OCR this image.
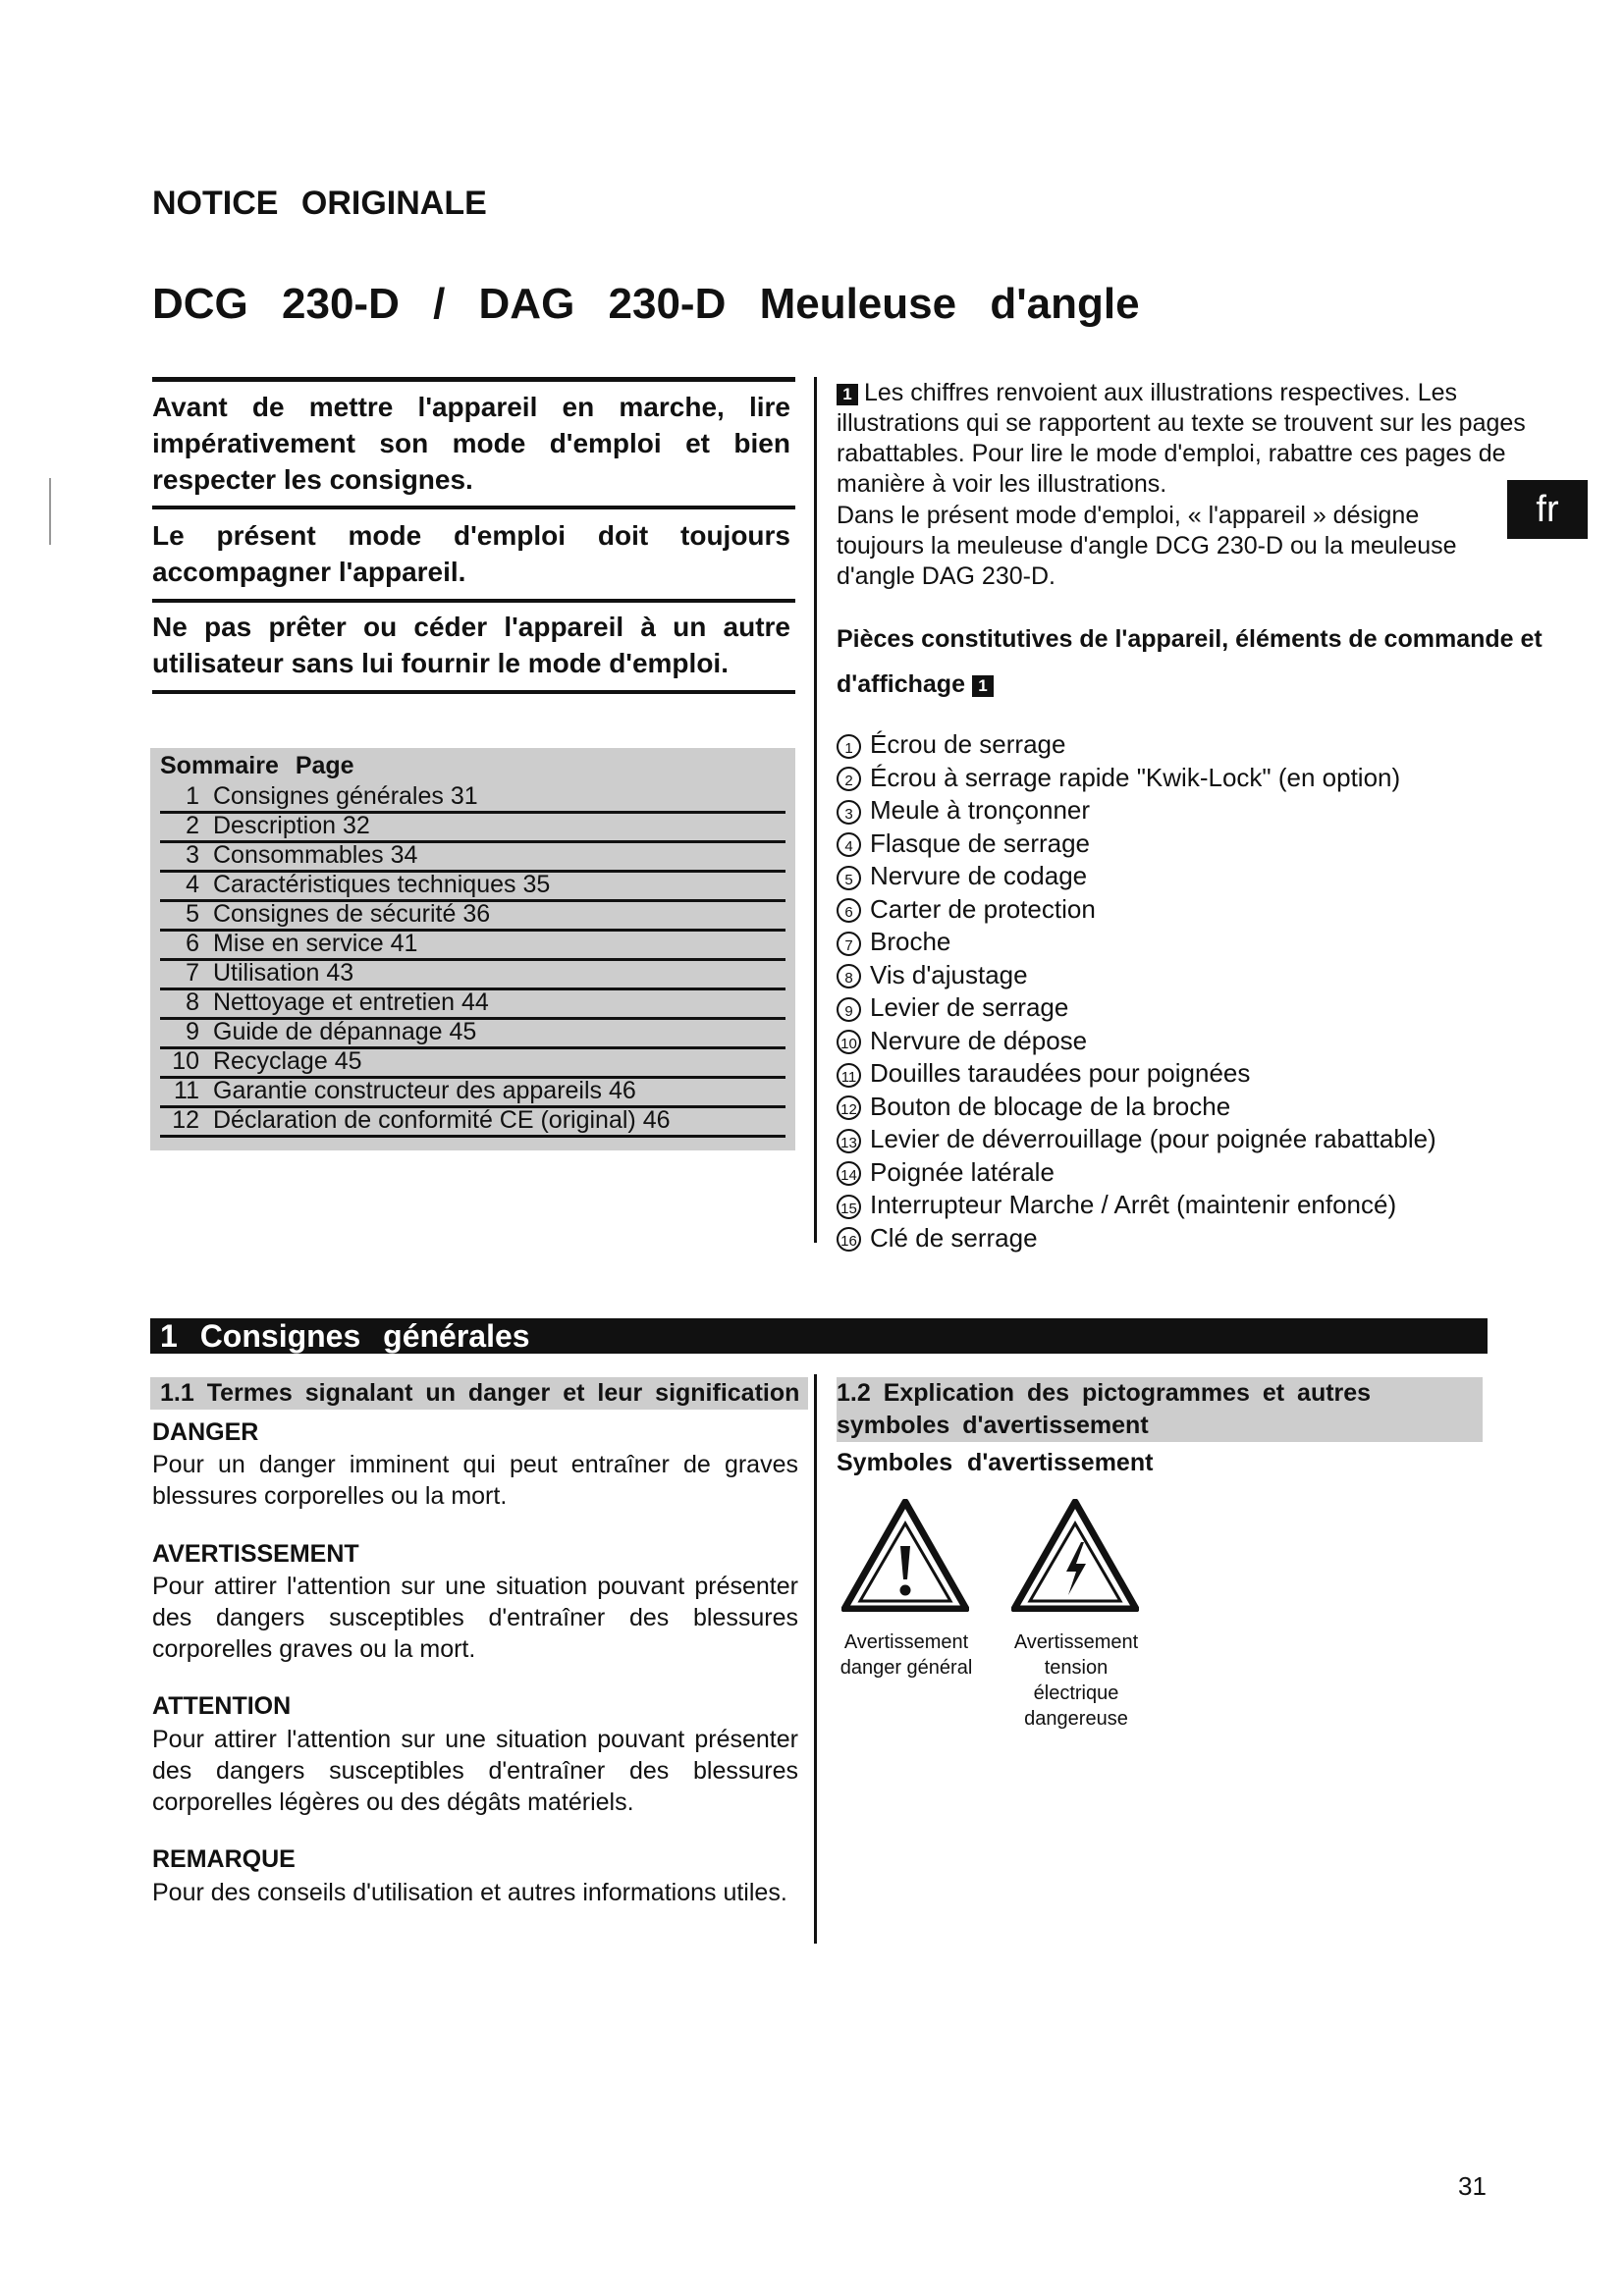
NOTICE ORIGINALE
DCG 230-D / DAG 230-D Meuleuse d'angle
Avant de mettre l'appareil en marche, lire impérativement son mode d'emploi et bien respecter les consignes.
Le présent mode d'emploi doit toujours accompagner l'appareil.
Ne pas prêter ou céder l'appareil à un autre utilisateur sans lui fournir le mode d'emploi.
Sommaire Page
1 Consignes générales 31
2 Description 32
3 Consommables 34
4 Caractéristiques techniques 35
5 Consignes de sécurité 36
6 Mise en service 41
7 Utilisation 43
8 Nettoyage et entretien 44
9 Guide de dépannage 45
10 Recyclage 45
11 Garantie constructeur des appareils 46
12 Déclaration de conformité CE (original) 46
1 Les chiffres renvoient aux illustrations respectives. Les illustrations qui se rapportent au texte se trouvent sur les pages rabattables. Pour lire le mode d'emploi, rabattre ces pages de manière à voir les illustrations.
Dans le présent mode d'emploi, « l'appareil » désigne toujours la meuleuse d'angle DCG 230-D ou la meuleuse d'angle DAG 230-D.
fr
Pièces constitutives de l'appareil, éléments de commande et d'affichage 1
1 Écrou de serrage
2 Écrou à serrage rapide "Kwik-Lock" (en option)
3 Meule à tronçonner
4 Flasque de serrage
5 Nervure de codage
6 Carter de protection
7 Broche
8 Vis d'ajustage
9 Levier de serrage
10 Nervure de dépose
11 Douilles taraudées pour poignées
12 Bouton de blocage de la broche
13 Levier de déverrouillage (pour poignée rabattable)
14 Poignée latérale
15 Interrupteur Marche / Arrêt (maintenir enfoncé)
16 Clé de serrage
1 Consignes générales
1.1 Termes signalant un danger et leur signification	1.2 Explication des pictogrammes et autres symboles d'avertissement
DANGER
Pour un danger imminent qui peut entraîner de graves blessures corporelles ou la mort.
AVERTISSEMENT
Pour attirer l'attention sur une situation pouvant présenter des dangers susceptibles d'entraîner des blessures corporelles graves ou la mort.
ATTENTION
Pour attirer l'attention sur une situation pouvant présenter des dangers susceptibles d'entraîner des blessures corporelles légères ou des dégâts matériels.
REMARQUE
Pour des conseils d'utilisation et autres informations utiles.
Symboles d'avertissement
Avertissement danger général
Avertissement tension électrique dangereuse
31
